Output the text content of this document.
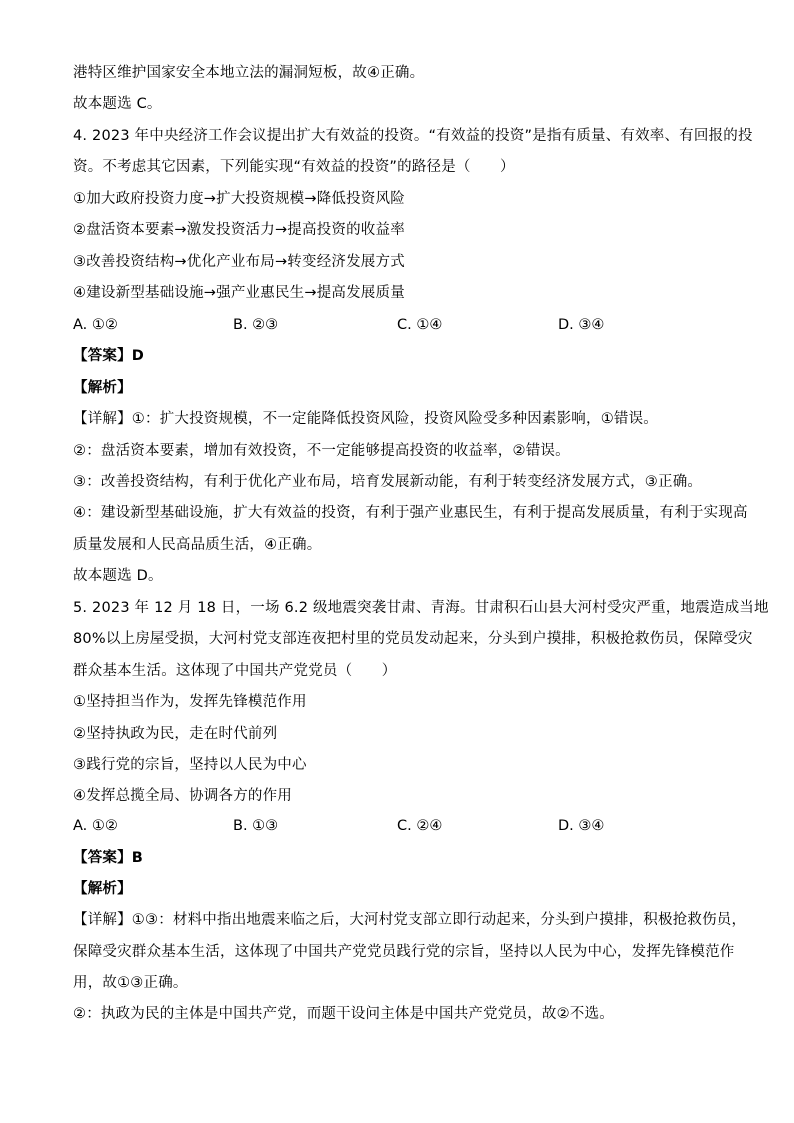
港特区维护国家安全本地立法的漏洞短板，故④正确。
故本题选 C。
4. 2023 年中央经济工作会议提出扩大有效益的投资。“有效益的投资”是指有质量、有效率、有回报的投
资。不考虑其它因素，下列能实现“有效益的投资”的路径是（　　）
①加大政府投资力度→扩大投资规模→降低投资风险
②盘活资本要素→激发投资活力→提高投资的收益率
③改善投资结构→优化产业布局→转变经济发展方式
④建设新型基础设施→强产业惠民生→提高发展质量
A. ①②	B. ②③	C. ①④	D. ③④
【答案】D
【解析】
【详解】①：扩大投资规模，不一定能降低投资风险，投资风险受多种因素影响，①错误。
②：盘活资本要素，增加有效投资，不一定能够提高投资的收益率，②错误。
③：改善投资结构，有利于优化产业布局，培育发展新动能，有利于转变经济发展方式，③正确。
④：建设新型基础设施，扩大有效益的投资，有利于强产业惠民生，有利于提高发展质量，有利于实现高
质量发展和人民高品质生活，④正确。
故本题选 D。
5. 2023 年 12 月 18 日，一场 6.2 级地震突袭甘肃、青海。甘肃积石山县大河村受灾严重，地震造成当地
80%以上房屋受损，大河村党支部连夜把村里的党员发动起来，分头到户摸排，积极抢救伤员，保障受灾
群众基本生活。这体现了中国共产党党员（　　）
①坚持担当作为，发挥先锋模范作用
②坚持执政为民，走在时代前列
③践行党的宗旨，坚持以人民为中心
④发挥总揽全局、协调各方的作用
A. ①②	B. ①③	C. ②④	D. ③④
【答案】B
【解析】
【详解】①③：材料中指出地震来临之后，大河村党支部立即行动起来，分头到户摸排，积极抢救伤员，
保障受灾群众基本生活，这体现了中国共产党党员践行党的宗旨，坚持以人民为中心，发挥先锋模范作
用，故①③正确。
②：执政为民的主体是中国共产党，而题干设问主体是中国共产党党员，故②不选。
